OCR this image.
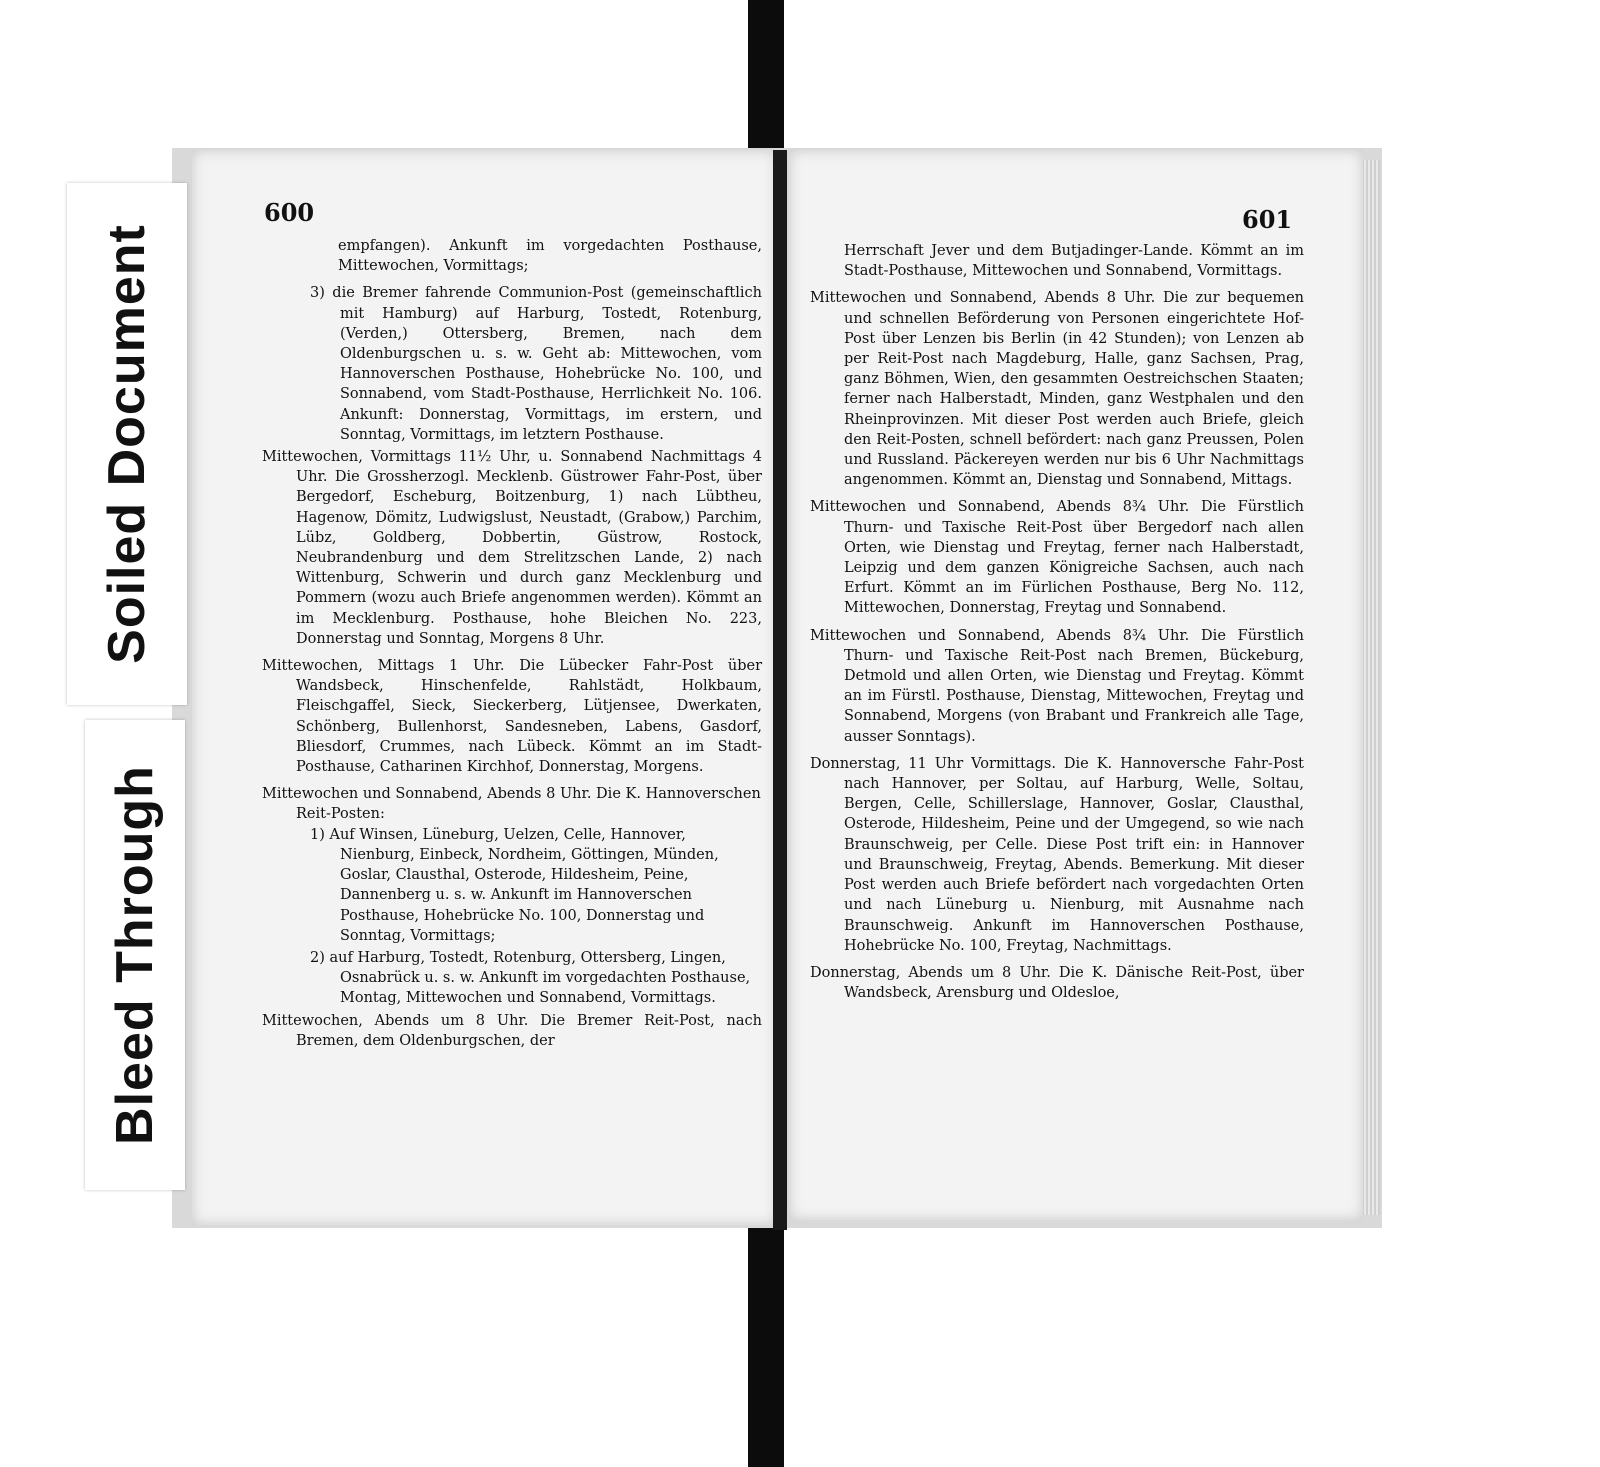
Soiled Document
Bleed Through
600	601

empfangen). Ankunft im vorgedachten Posthause, Mittewochen, Vormittags;

3) die Bremer fahrende Communion-Post (gemeinschaftlich mit Hamburg) auf Harburg, Tostedt, Rotenburg, (Verden,) Ottersberg, Bremen, nach dem Oldenburgschen u. s. w. Geht ab: Mittewochen, vom Hannoverschen Posthause, Hohebrücke No. 100, und Sonnabend, vom Stadt-Posthause, Herrlichkeit No. 106. Ankunft: Donnerstag, Vormittags, im erstern, und Sonntag, Vormittags, im letztern Posthause.

Mittewochen, Vormittags 11½ Uhr, u. Sonnabend Nachmittags 4 Uhr. Die Grossherzogl. Mecklenb. Güstrower Fahr-Post, über Bergedorf, Escheburg, Boitzenburg, 1) nach Lübtheu, Hagenow, Dömitz, Ludwigslust, Neustadt, (Grabow,) Parchim, Lübz, Goldberg, Dobbertin, Güstrow, Rostock, Neubrandenburg und dem Strelitzschen Lande, 2) nach Wittenburg, Schwerin und durch ganz Mecklenburg und Pommern (wozu auch Briefe angenommen werden). Kömmt an im Mecklenburg. Posthause, hohe Bleichen No. 223, Donnerstag und Sonntag, Morgens 8 Uhr.

Mittewochen, Mittags 1 Uhr. Die Lübecker Fahr-Post über Wandsbeck, Hinschenfelde, Rahlstädt, Holkbaum, Fleischgaffel, Sieck, Sieckerberg, Lütjensee, Dwerkaten, Schönberg, Bullenhorst, Sandesneben, Labens, Gasdorf, Bliesdorf, Crummes, nach Lübeck. Kömmt an im Stadt-Posthause, Catharinen Kirchhof, Donnerstag, Morgens.

Mittewochen und Sonnabend, Abends 8 Uhr. Die K. Hannoverschen Reit-Posten:

1) Auf Winsen, Lüneburg, Uelzen, Celle, Hannover, Nienburg, Einbeck, Nordheim, Göttingen, Münden, Goslar, Clausthal, Osterode, Hildesheim, Peine, Dannenberg u. s. w. Ankunft im Hannoverschen Posthause, Hohebrücke No. 100, Donnerstag und Sonntag, Vormittags;

2) auf Harburg, Tostedt, Rotenburg, Ottersberg, Lingen, Osnabrück u. s. w. Ankunft im vorgedachten Posthause, Montag, Mittewochen und Sonnabend, Vormittags.

Mittewochen, Abends um 8 Uhr. Die Bremer Reit-Post, nach Bremen, dem Oldenburgschen, der

Herrschaft Jever und dem Butjadinger-Lande. Kömmt an im Stadt-Posthause, Mittewochen und Sonnabend, Vormittags.

Mittewochen und Sonnabend, Abends 8 Uhr. Die zur bequemen und schnellen Beförderung von Personen eingerichtete Hof-Post über Lenzen bis Berlin (in 42 Stunden); von Lenzen ab per Reit-Post nach Magdeburg, Halle, ganz Sachsen, Prag, ganz Böhmen, Wien, den gesammten Oestreichschen Staaten; ferner nach Halberstadt, Minden, ganz Westphalen und den Rheinprovinzen. Mit dieser Post werden auch Briefe, gleich den Reit-Posten, schnell befördert: nach ganz Preussen, Polen und Russland. Päckereyen werden nur bis 6 Uhr Nachmittags angenommen. Kömmt an, Dienstag und Sonnabend, Mittags.

Mittewochen und Sonnabend, Abends 8¾ Uhr. Die Fürstlich Thurn- und Taxische Reit-Post über Bergedorf nach allen Orten, wie Dienstag und Freytag, ferner nach Halberstadt, Leipzig und dem ganzen Königreiche Sachsen, auch nach Erfurt. Kömmt an im Fürlichen Posthause, Berg No. 112, Mittewochen, Donnerstag, Freytag und Sonnabend.

Mittewochen und Sonnabend, Abends 8¾ Uhr. Die Fürstlich Thurn- und Taxische Reit-Post nach Bremen, Bückeburg, Detmold und allen Orten, wie Dienstag und Freytag. Kömmt an im Fürstl. Posthause, Dienstag, Mittewochen, Freytag und Sonnabend, Morgens (von Brabant und Frankreich alle Tage, ausser Sonntags).

Donnerstag, 11 Uhr Vormittags. Die K. Hannoversche Fahr-Post nach Hannover, per Soltau, auf Harburg, Welle, Soltau, Bergen, Celle, Schillerslage, Hannover, Goslar, Clausthal, Osterode, Hildesheim, Peine und der Umgegend, so wie nach Braunschweig, per Celle. Diese Post trift ein: in Hannover und Braunschweig, Freytag, Abends. Bemerkung. Mit dieser Post werden auch Briefe befördert nach vorgedachten Orten und nach Lüneburg u. Nienburg, mit Ausnahme nach Braunschweig. Ankunft im Hannoverschen Posthause, Hohebrücke No. 100, Freytag, Nachmittags.

Donnerstag, Abends um 8 Uhr. Die K. Dänische Reit-Post, über Wandsbeck, Arensburg und Oldesloe,
